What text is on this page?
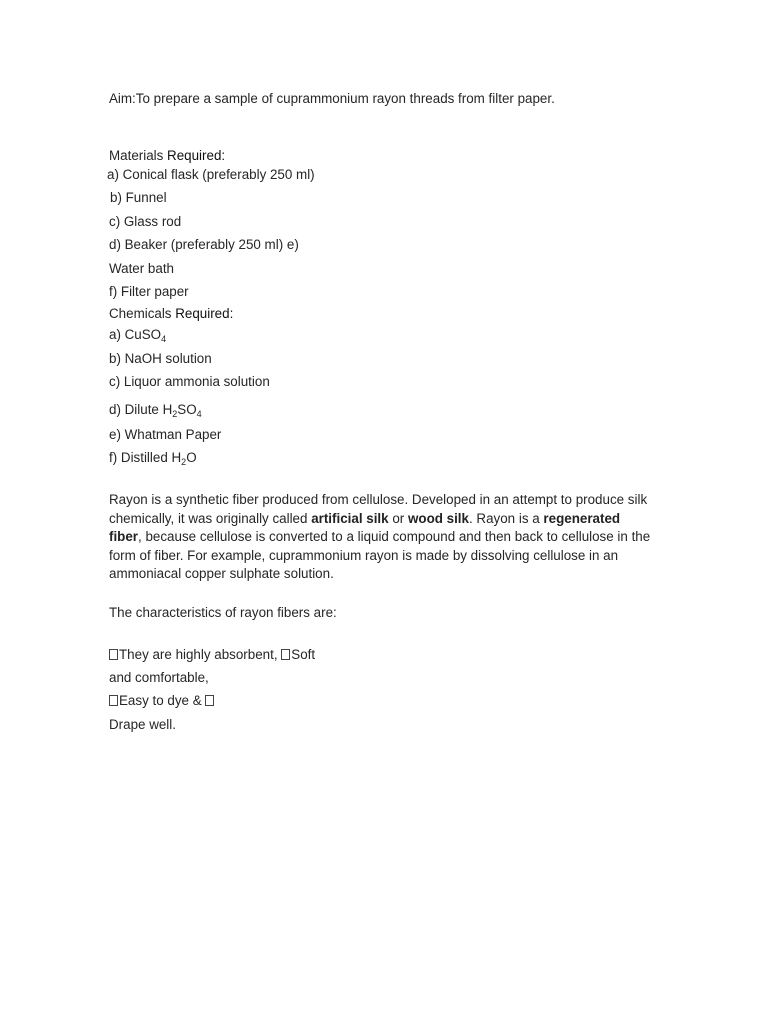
Aim:To prepare a sample of cuprammonium rayon threads from filter paper.
Materials Required:
a) Conical flask (preferably 250 ml)
b) Funnel
c) Glass rod
d) Beaker (preferably 250 ml) e)
Water bath
f) Filter paper
Chemicals Required:
a) CuSO$_4$
b) NaOH solution
c) Liquor ammonia solution
d) Dilute $H_2SO_4$
e) Whatman Paper
f) Distilled $H_2O$
Rayon is a synthetic fiber produced from cellulose. Developed in an attempt to produce silk chemically, it was originally called artificial silk or wood silk. Rayon is a regenerated fiber, because cellulose is converted to a liquid compound and then back to cellulose in the form of fiber. For example, cuprammonium rayon is made by dissolving cellulose in an ammoniacal copper sulphate solution.
The characteristics of rayon fibers are:
They are highly absorbent, Soft
and comfortable,
Easy to dye &
Drape well.
